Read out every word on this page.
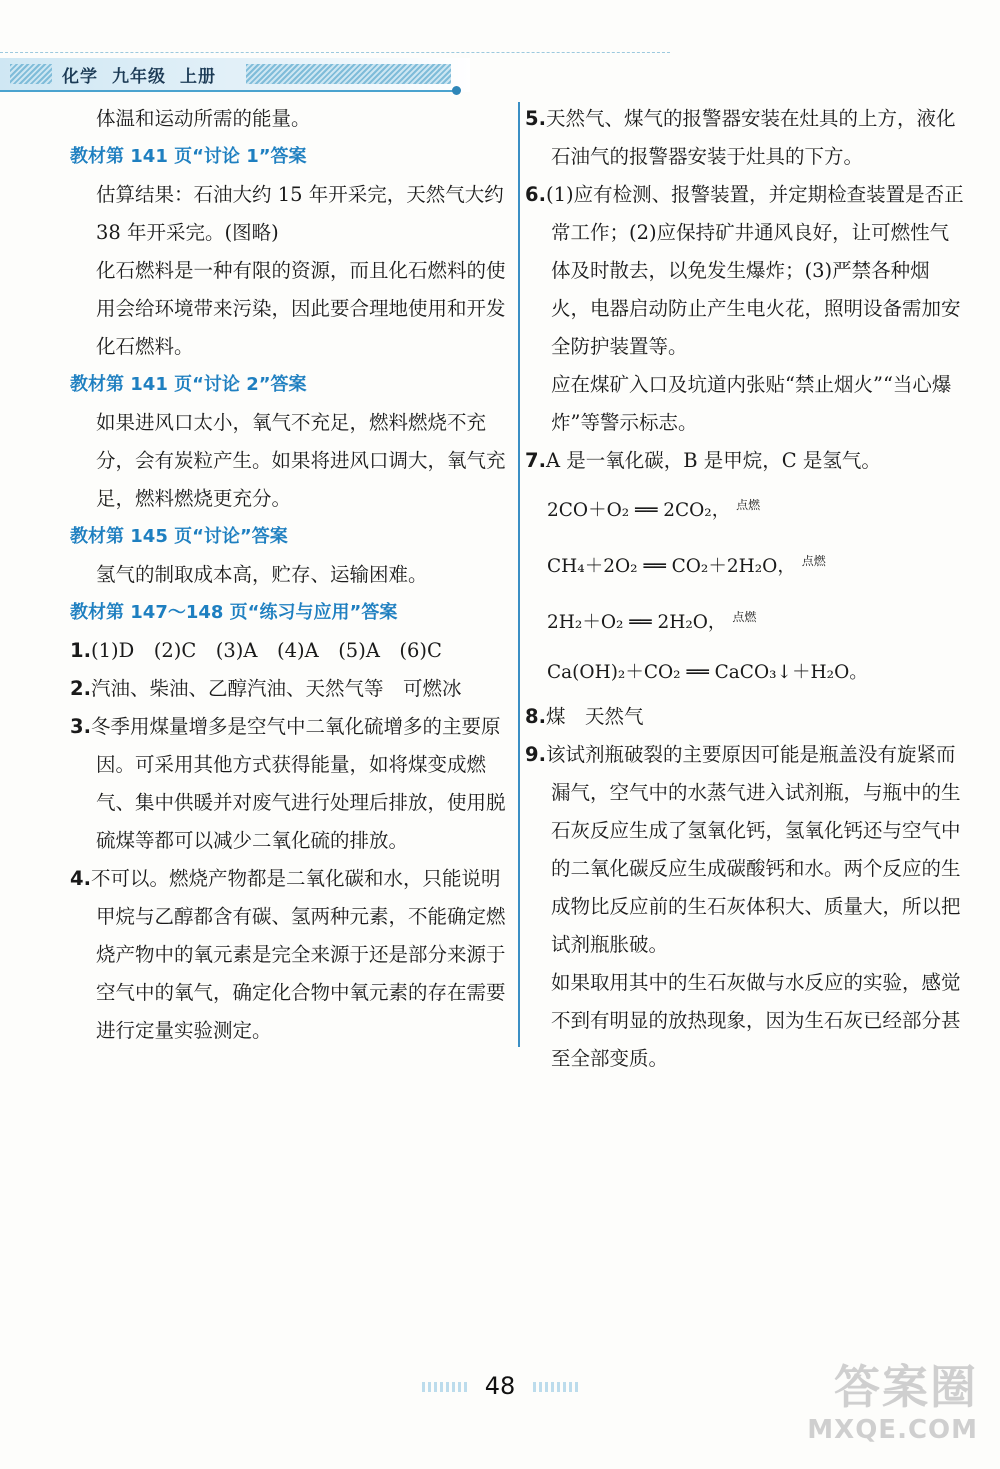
化学 九年级 上册

体温和运动所需的能量。

教材第 141 页“讨论 1”答案

估算结果：石油大约 15 年开采完，天然气大约 38 年开采完。(图略)

化石燃料是一种有限的资源，而且化石燃料的使用会给环境带来污染，因此要合理地使用和开发化石燃料。

教材第 141 页“讨论 2”答案

如果进风口太小，氧气不充足，燃料燃烧不充分，会有炭粒产生。如果将进风口调大，氧气充足，燃料燃烧更充分。

教材第 145 页“讨论”答案

氢气的制取成本高，贮存、运输困难。

教材第 147～148 页“练习与应用”答案

1.(1)D　(2)C　(3)A　(4)A　(5)A　(6)C

2.汽油、柴油、乙醇汽油、天然气等　可燃冰

3.冬季用煤量增多是空气中二氧化硫增多的主要原因。可采用其他方式获得能量，如将煤变成燃气、集中供暖并对废气进行处理后排放，使用脱硫煤等都可以减少二氧化硫的排放。

4.不可以。燃烧产物都是二氧化碳和水，只能说明甲烷与乙醇都含有碳、氢两种元素，不能确定燃烧产物中的氧元素是完全来源于还是部分来源于空气中的氧气，确定化合物中氧元素的存在需要进行定量实验测定。

5.天然气、煤气的报警器安装在灶具的上方，液化石油气的报警器安装于灶具的下方。

6.(1)应有检测、报警装置，并定期检查装置是否正常工作；(2)应保持矿井通风良好，让可燃性气体及时散去，以免发生爆炸；(3)严禁各种烟火，电器启动防止产生电火花，照明设备需加安全防护装置等。

应在煤矿入口及坑道内张贴“禁止烟火”“当心爆炸”等警示标志。

7.A 是一氧化碳，B 是甲烷，C 是氢气。

2CO＋O₂ ══ 2CO₂， $^{点燃}$
CH₄＋2O₂ ══ CO₂＋2H₂O， $^{点燃}$
2H₂＋O₂ ══ 2H₂O， $^{点燃}$
Ca(OH)₂＋CO₂ ══ CaCO₃↓＋H₂O。

8.煤　天然气

9.该试剂瓶破裂的主要原因可能是瓶盖没有旋紧而漏气，空气中的水蒸气进入试剂瓶，与瓶中的生石灰反应生成了氢氧化钙，氢氧化钙还与空气中的二氧化碳反应生成碳酸钙和水。两个反应的生成物比反应前的生石灰体积大、质量大，所以把试剂瓶胀破。

如果取用其中的生石灰做与水反应的实验，感觉不到有明显的放热现象，因为生石灰已经部分甚至全部变质。

48	答案圈
MXQE.COM
